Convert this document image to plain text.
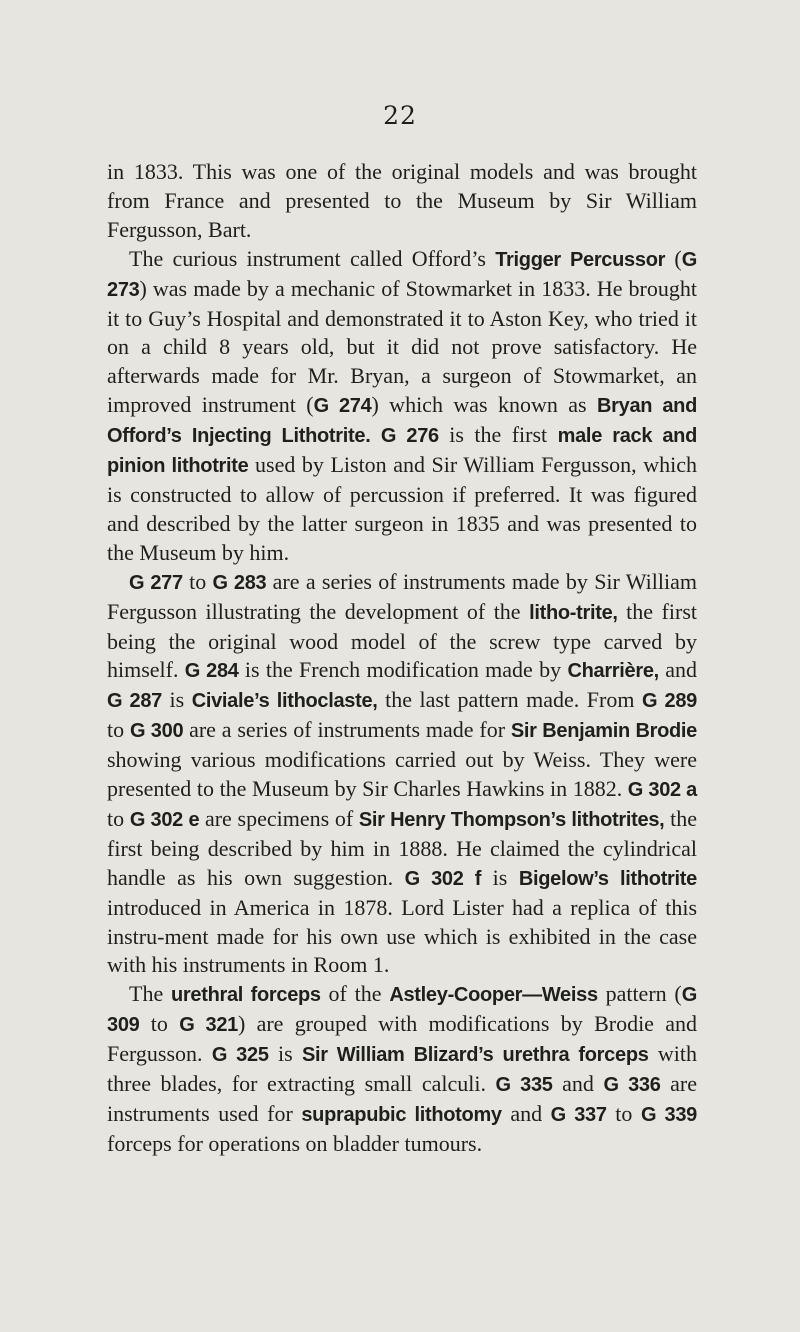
22

in 1833. This was one of the original models and was brought from France and presented to the Museum by Sir William Fergusson, Bart.

The curious instrument called Offord’s Trigger Percussor (G 273) was made by a mechanic of Stowmarket in 1833. He brought it to Guy’s Hospital and demonstrated it to Aston Key, who tried it on a child 8 years old, but it did not prove satisfactory. He afterwards made for Mr. Bryan, a surgeon of Stowmarket, an improved instrument (G 274) which was known as Bryan and Offord’s Injecting Lithotrite. G 276 is the first male rack and pinion lithotrite used by Liston and Sir William Fergusson, which is constructed to allow of percussion if preferred. It was figured and described by the latter surgeon in 1835 and was presented to the Museum by him.

G 277 to G 283 are a series of instruments made by Sir William Fergusson illustrating the development of the litho-trite, the first being the original wood model of the screw type carved by himself. G 284 is the French modification made by Charrière, and G 287 is Civiale’s lithoclaste, the last pattern made. From G 289 to G 300 are a series of instruments made for Sir Benjamin Brodie showing various modifications carried out by Weiss. They were presented to the Museum by Sir Charles Hawkins in 1882. G 302 a to G 302 e are specimens of Sir Henry Thompson’s lithotrites, the first being described by him in 1888. He claimed the cylindrical handle as his own suggestion. G 302 f is Bigelow’s lithotrite introduced in America in 1878. Lord Lister had a replica of this instru-ment made for his own use which is exhibited in the case with his instruments in Room 1.

The urethral forceps of the Astley-Cooper—Weiss pattern (G 309 to G 321) are grouped with modifications by Brodie and Fergusson. G 325 is Sir William Blizard’s urethra forceps with three blades, for extracting small calculi. G 335 and G 336 are instruments used for suprapubic lithotomy and G 337 to G 339 forceps for operations on bladder tumours.
